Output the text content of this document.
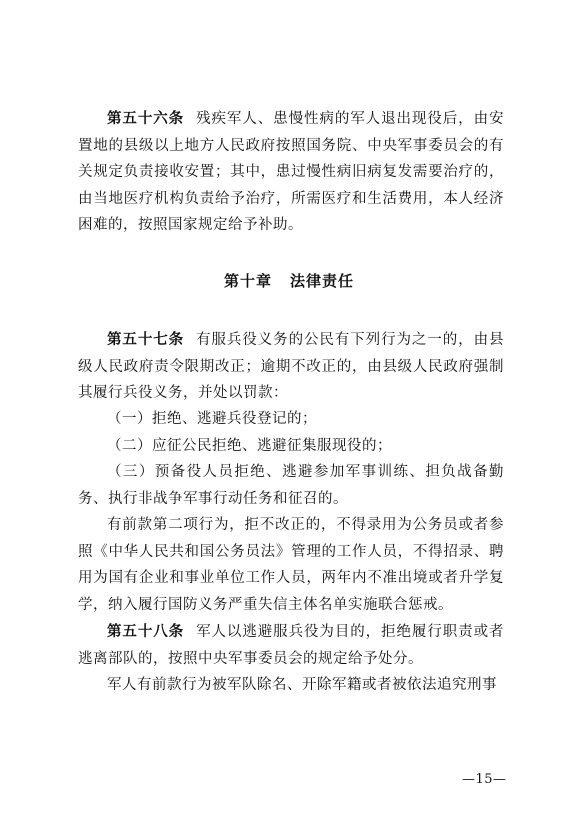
第五十六条 残疾军人、患慢性病的军人退出现役后，由安置地的县级以上地方人民政府按照国务院、中央军事委员会的有关规定负责接收安置；其中，患过慢性病旧病复发需要治疗的，由当地医疗机构负责给予治疗，所需医疗和生活费用，本人经济困难的，按照国家规定给予补助。

第十章 法律责任

第五十七条 有服兵役义务的公民有下列行为之一的，由县级人民政府责令限期改正；逾期不改正的，由县级人民政府强制其履行兵役义务，并处以罚款：

（一）拒绝、逃避兵役登记的；

（二）应征公民拒绝、逃避征集服现役的；

（三）预备役人员拒绝、逃避参加军事训练、担负战备勤务、执行非战争军事行动任务和征召的。

有前款第二项行为，拒不改正的，不得录用为公务员或者参照《中华人民共和国公务员法》管理的工作人员，不得招录、聘用为国有企业和事业单位工作人员，两年内不准出境或者升学复学，纳入履行国防义务严重失信主体名单实施联合惩戒。

第五十八条 军人以逃避服兵役为目的，拒绝履行职责或者逃离部队的，按照中央军事委员会的规定给予处分。

军人有前款行为被军队除名、开除军籍或者被依法追究刑事

—15—
